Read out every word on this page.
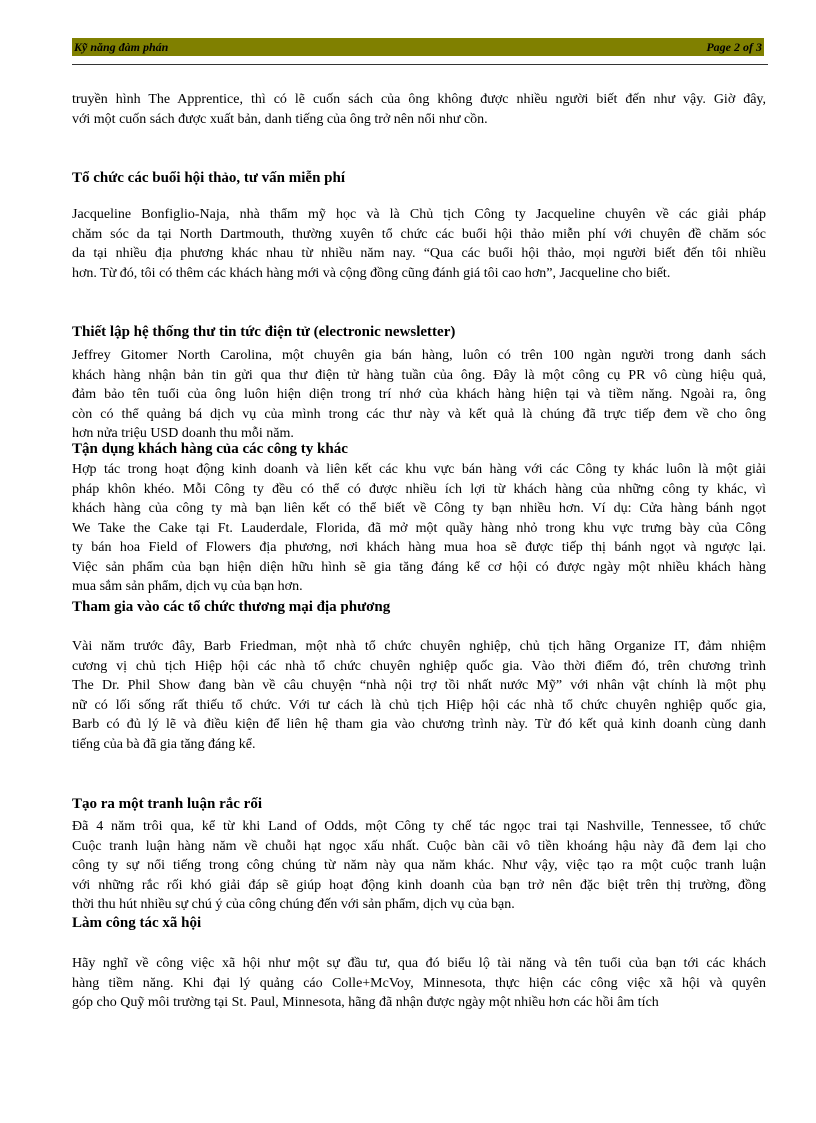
Kỹ năng đàm phán	Page 2 of 3
truyền hình The Apprentice, thì có lẽ cuốn sách của ông không được nhiều người biết đến như vậy. Giờ đây,
với một cuốn sách được xuất bản, danh tiếng của ông trở nên nổi như cồn.
Tổ chức các buổi hội thảo, tư vấn miễn phí
Jacqueline Bonfiglio-Naja, nhà thẩm mỹ học và là Chủ tịch Công ty Jacqueline chuyên về các giải pháp
chăm sóc da tại North Dartmouth, thường xuyên tổ chức các buổi hội thảo miễn phí với chuyên đề chăm sóc
da tại nhiều địa phương khác nhau từ nhiều năm nay. “Qua các buổi hội thảo, mọi người biết đến tôi nhiều
hơn. Từ đó, tôi có thêm các khách hàng mới và cộng đồng cũng đánh giá tôi cao hơn”, Jacqueline cho biết.
Thiết lập hệ thống thư tin tức điện tử (electronic newsletter)
Jeffrey Gitomer North Carolina, một chuyên gia bán hàng, luôn có trên 100 ngàn người trong danh sách
khách hàng nhận bản tin gửi qua thư điện tử hàng tuần của ông. Đây là một công cụ PR vô cùng hiệu quả,
đảm bảo tên tuổi của ông luôn hiện diện trong trí nhớ của khách hàng hiện tại và tiềm năng. Ngoài ra, ông
còn có thể quảng bá dịch vụ của mình trong các thư này và kết quả là chúng đã trực tiếp đem về cho ông
hơn nửa triệu USD doanh thu mỗi năm.
Tận dụng khách hàng của các công ty khác
Hợp tác trong hoạt động kinh doanh và liên kết các khu vực bán hàng với các Công ty khác luôn là một giải
pháp khôn khéo. Mỗi Công ty đều có thể có được nhiều ích lợi từ khách hàng của những công ty khác, vì
khách hàng của công ty mà bạn liên kết có thể biết về Công ty bạn nhiều hơn. Ví dụ: Cửa hàng bánh ngọt
We Take the Cake tại Ft. Lauderdale, Florida, đã mở một quầy hàng nhỏ trong khu vực trưng bày của Công
ty bán hoa Field of Flowers địa phương, nơi khách hàng mua hoa sẽ được tiếp thị bánh ngọt và ngược lại.
Việc sản phẩm của bạn hiện diện hữu hình sẽ gia tăng đáng kể cơ hội có được ngày một nhiều khách hàng
mua sắm sản phẩm, dịch vụ của bạn hơn.
Tham gia vào các tổ chức thương mại địa phương
Vài năm trước đây, Barb Friedman, một nhà tổ chức chuyên nghiệp, chủ tịch hãng Organize IT, đảm nhiệm
cương vị chủ tịch Hiệp hội các nhà tổ chức chuyên nghiệp quốc gia. Vào thời điểm đó, trên chương trình
The Dr. Phil Show đang bàn về câu chuyện “nhà nội trợ tồi nhất nước Mỹ” với nhân vật chính là một phụ
nữ có lối sống rất thiếu tổ chức. Với tư cách là chủ tịch Hiệp hội các nhà tổ chức chuyên nghiệp quốc gia,
Barb có đủ lý lẽ và điều kiện để liên hệ tham gia vào chương trình này. Từ đó kết quả kinh doanh cùng danh
tiếng của bà đã gia tăng đáng kể.
Tạo ra một tranh luận rắc rối
Đã 4 năm trôi qua, kể từ khi Land of Odds, một Công ty chế tác ngọc trai tại Nashville, Tennessee, tổ chức
Cuộc tranh luận hàng năm về chuỗi hạt ngọc xấu nhất. Cuộc bàn cãi vô tiền khoáng hậu này đã đem lại cho
công ty sự nổi tiếng trong công chúng từ năm này qua năm khác. Như vậy, việc tạo ra một cuộc tranh luận
với những rắc rối khó giải đáp sẽ giúp hoạt động kinh doanh của bạn trở nên đặc biệt trên thị trường, đồng
thời thu hút nhiều sự chú ý của công chúng đến với sản phẩm, dịch vụ của bạn.
Làm công tác xã hội
Hãy nghĩ về công việc xã hội như một sự đầu tư, qua đó biểu lộ tài năng và tên tuổi của bạn tới các khách
hàng tiềm năng. Khi đại lý quảng cáo Colle+McVoy, Minnesota, thực hiện các công việc xã hội và quyên
góp cho Quỹ môi trường tại St. Paul, Minnesota, hãng đã nhận được ngày một nhiều hơn các hồi âm tích
